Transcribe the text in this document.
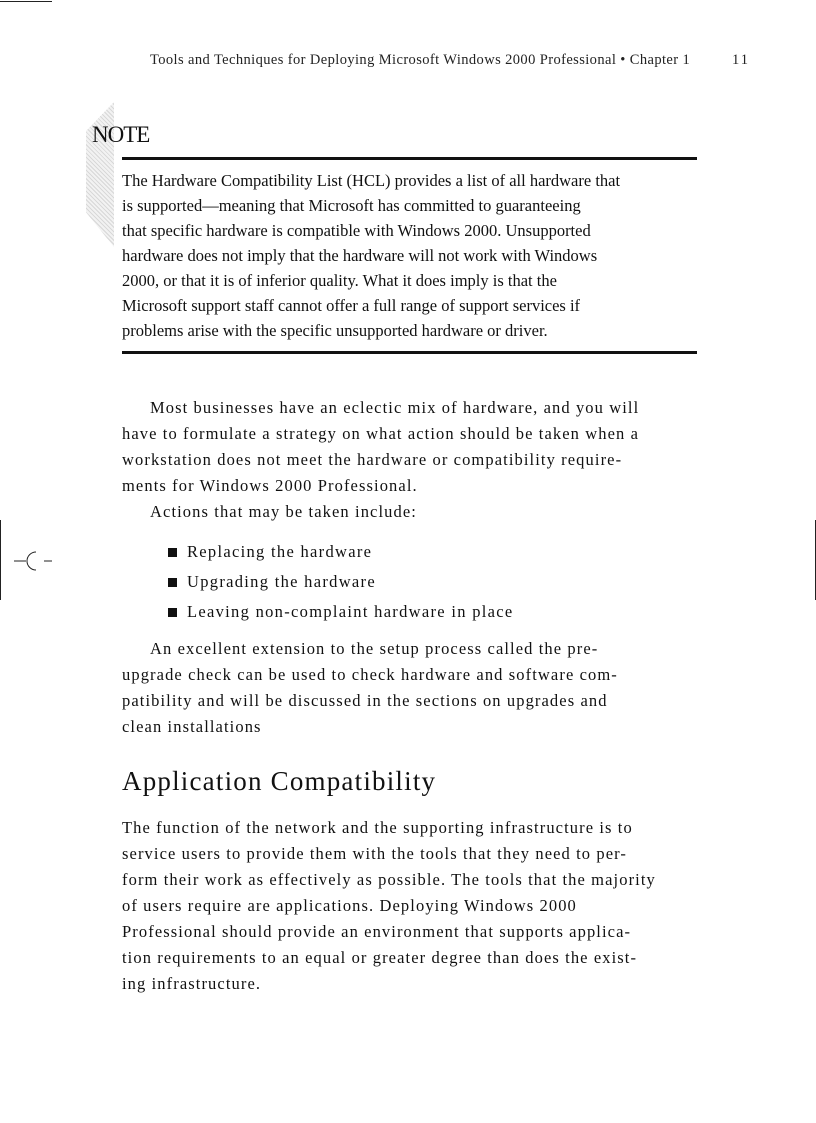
Tools and Techniques for Deploying Microsoft Windows 2000 Professional • Chapter 1	11
NOTE

The Hardware Compatibility List (HCL) provides a list of all hardware that
is supported—meaning that Microsoft has committed to guaranteeing
that specific hardware is compatible with Windows 2000. Unsupported
hardware does not imply that the hardware will not work with Windows
2000, or that it is of inferior quality. What it does imply is that the
Microsoft support staff cannot offer a full range of support services if
problems arise with the specific unsupported hardware or driver.

Most businesses have an eclectic mix of hardware, and you will
have to formulate a strategy on what action should be taken when a
workstation does not meet the hardware or compatibility require-
ments for Windows 2000 Professional.
Actions that may be taken include:

Replacing the hardware
Upgrading the hardware
Leaving non-complaint hardware in place

An excellent extension to the setup process called the pre-
upgrade check can be used to check hardware and software com-
patibility and will be discussed in the sections on upgrades and
clean installations

Application Compatibility

The function of the network and the supporting infrastructure is to
service users to provide them with the tools that they need to per-
form their work as effectively as possible. The tools that the majority
of users require are applications. Deploying Windows 2000
Professional should provide an environment that supports applica-
tion requirements to an equal or greater degree than does the exist-
ing infrastructure.
